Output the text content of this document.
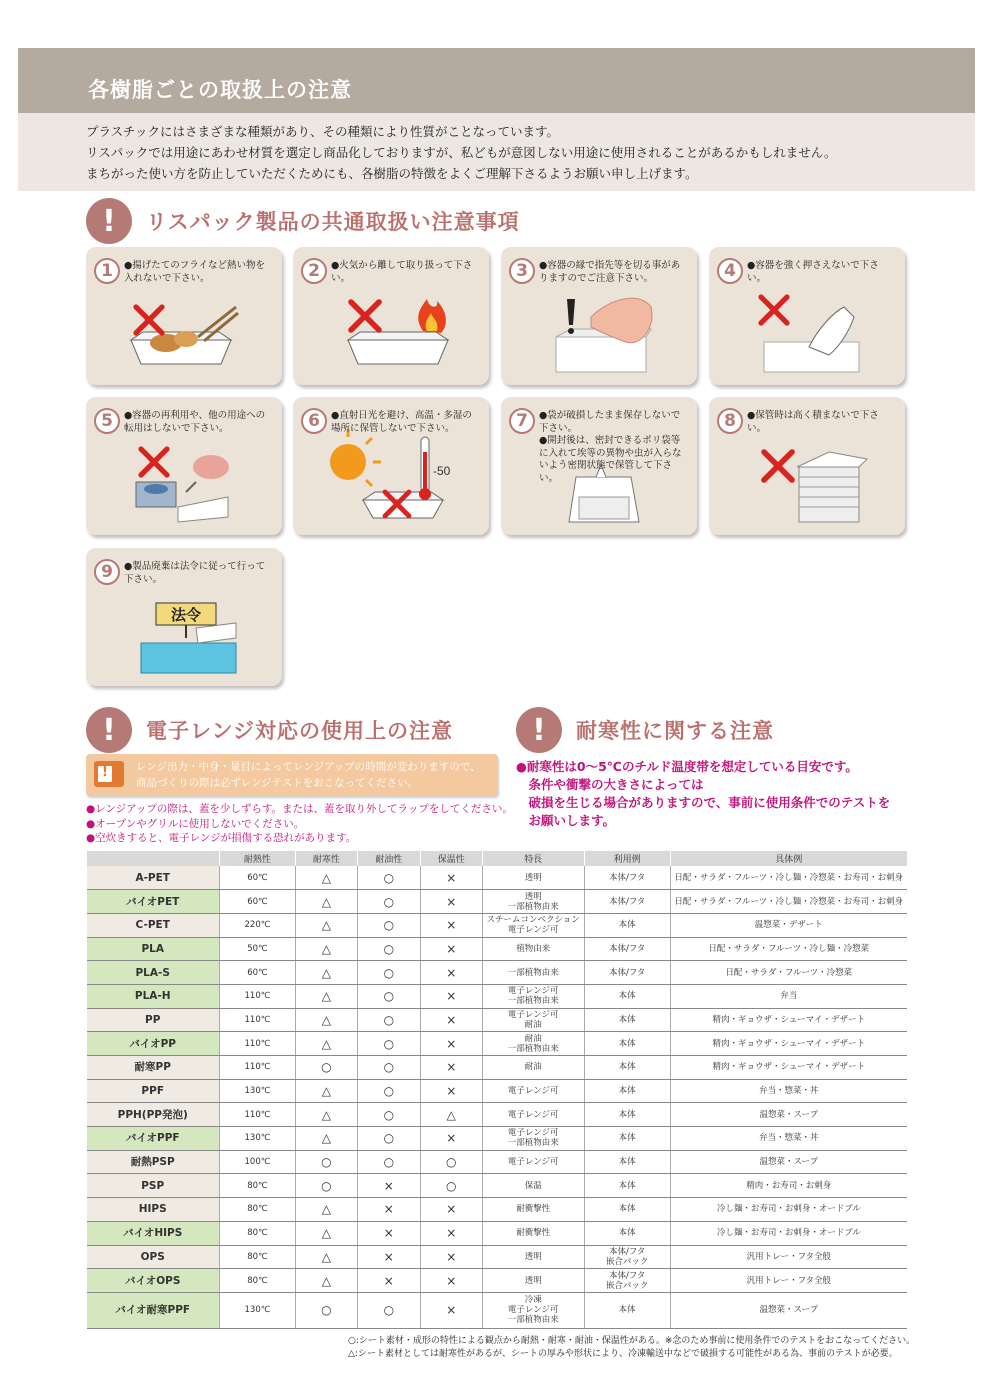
各樹脂ごとの取扱上の注意
プラスチックにはさまざまな種類があり、その種類により性質がことなっています。
リスパックでは用途にあわせ材質を選定し商品化しておりますが、私どもが意図しない用途に使用されることがあるかもしれません。
まちがった使い方を防止していただくためにも、各樹脂の特徴をよくご理解下さるようお願い申し上げます。
!	リスパック製品の共通取扱い注意事項
1	●揚げたてのフライなど熱い物を入れないで下さい。	2	●火気から離して取り扱って下さい。	3	●容器の縁で指先等を切る事がありますのでご注意下さい。	4	●容器を強く押さえないで下さい。
5	●容器の再利用や、他の用途への転用はしないで下さい。
-50
6	●直射日光を避け、高温・多湿の場所に保管しないで下さい。	7	●袋が破損したまま保存しないで下さい。
●開封後は、密封できるポリ袋等に入れて埃等の異物や虫が入らないよう密閉状態で保管して下さい。
8	●保管時は高く積まないで下さい。
法令
9	●製品廃棄は法令に従って行って下さい。
!	電子レンジ対応の使用上の注意	!	耐寒性に関する注意
!	レンジ出力・中身・量目によってレンジアップの時間が変わりますので、
商品づくりの際は必ずレンジテストをおこなってください。
●レンジアップの際は、蓋を少しずらす。または、蓋を取り外してラップをしてください。
●オーブンやグリルに使用しないでください。
●空炊きすると、電子レンジが損傷する恐れがあります。
●耐寒性は0～5℃のチルド温度帯を想定している目安です。
　条件や衝撃の大きさによっては
　破損を生じる場合がありますので、事前に使用条件でのテストを
　お願いします。
	耐熱性	耐寒性	耐油性	保温性	特長	利用例	具体例
A-PET	60℃	△	○	×	透明	本体/フタ	日配・サラダ・フルーツ・冷し麺・冷惣菜・お寿司・お刺身
バイオPET	60℃	△	○	×	透明
一部植物由来	本体/フタ	日配・サラダ・フルーツ・冷し麺・冷惣菜・お寿司・お刺身
C-PET	220℃	△	○	×	スチームコンベクション
電子レンジ可	本体	温惣菜・デザート
PLA	50℃	△	○	×	植物由来	本体/フタ	日配・サラダ・フルーツ・冷し麺・冷惣菜
PLA-S	60℃	△	○	×	一部植物由来	本体/フタ	日配・サラダ・フルーツ・冷惣菜
PLA-H	110℃	△	○	×	電子レンジ可
一部植物由来	本体	弁当
PP	110℃	△	○	×	電子レンジ可
耐油	本体	精肉・ギョウザ・シューマイ・デザート
バイオPP	110℃	△	○	×	耐油
一部植物由来	本体	精肉・ギョウザ・シューマイ・デザート
耐寒PP	110℃	○	○	×	耐油	本体	精肉・ギョウザ・シューマイ・デザート
PPF	130℃	△	○	×	電子レンジ可	本体	弁当・惣菜・丼
PPH(PP発泡)	110℃	△	○	△	電子レンジ可	本体	温惣菜・スープ
バイオPPF	130℃	△	○	×	電子レンジ可
一部植物由来	本体	弁当・惣菜・丼
耐熱PSP	100℃	○	○	○	電子レンジ可	本体	温惣菜・スープ
PSP	80℃	○	×	○	保温	本体	精肉・お寿司・お刺身
HIPS	80℃	△	×	×	耐衝撃性	本体	冷し麺・お寿司・お刺身・オードブル
バイオHIPS	80℃	△	×	×	耐衝撃性	本体	冷し麺・お寿司・お刺身・オードブル
OPS	80℃	△	×	×	透明	本体/フタ
嵌合パック	汎用トレー・フタ全般
バイオOPS	80℃	△	×	×	透明	本体/フタ
嵌合パック	汎用トレー・フタ全般
バイオ耐寒PPF	130℃	○	○	×	冷凍
電子レンジ可
一部植物由来	本体	温惣菜・スープ
○:シート素材・成形の特性による観点から耐熱・耐寒・耐油・保温性がある。※念のため事前に使用条件でのテストをおこなってください。
△:シート素材としては耐寒性があるが、シートの厚みや形状により、冷凍輸送中などで破損する可能性がある為、事前のテストが必要。
